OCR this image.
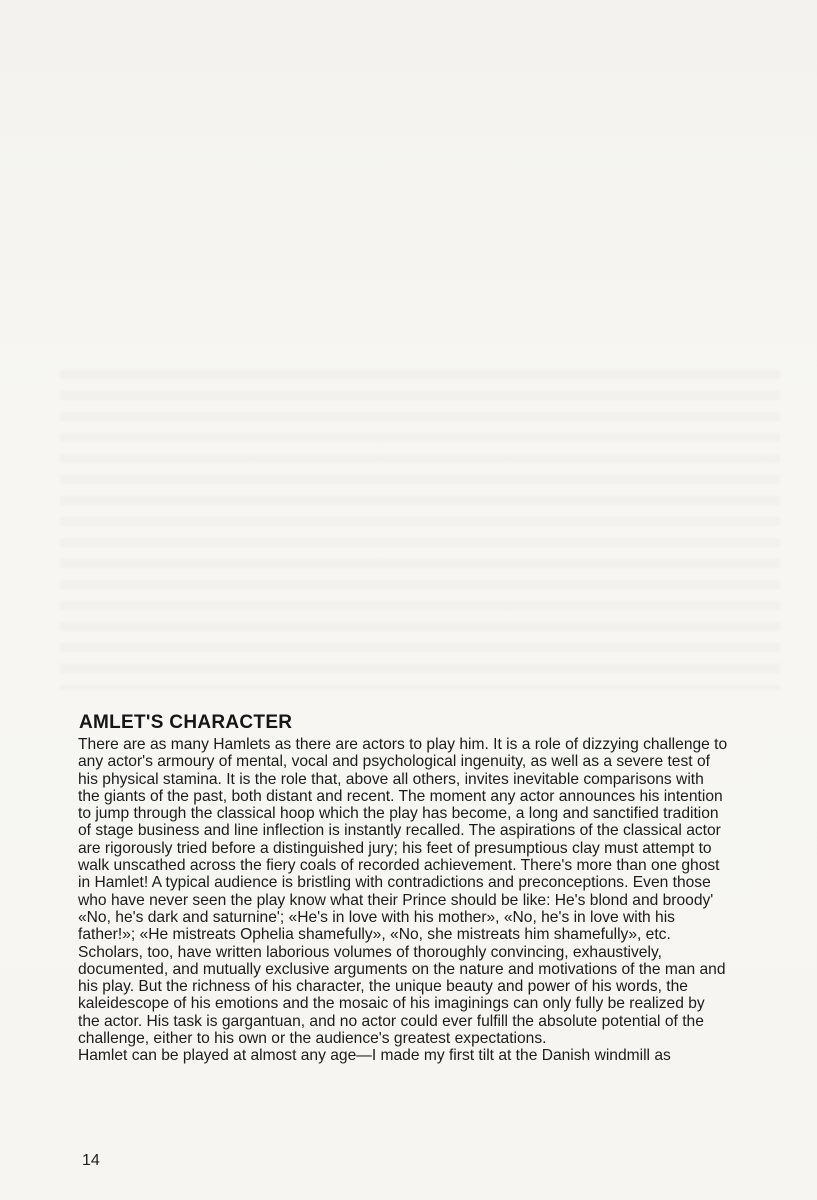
AMLET'S CHARACTER

There are as many Hamlets as there are actors to play him. It is a role of dizzying challenge to any actor's armoury of mental, vocal and psychological ingenuity, as well as a severe test of his physical stamina. It is the role that, above all others, invites inevitable comparisons with the giants of the past, both distant and recent. The moment any actor announces his intention to jump through the classical hoop which the play has become, a long and sanctified tradition of stage business and line inflection is instantly recalled. The aspirations of the classical actor are rigorously tried before a distinguished jury; his feet of presumptious clay must attempt to walk unscathed across the fiery coals of recorded achievement. There's more than one ghost in Hamlet! A typical audience is bristling with contradictions and preconceptions. Even those who have never seen the play know what their Prince should be like: He's blond and broody' «No, he's dark and saturnine'; «He's in love with his mother», «No, he's in love with his father!»; «He mistreats Ophelia shamefully», «No, she mistreats him shamefully», etc. Scholars, too, have written laborious volumes of thoroughly convincing, exhaustively, documented, and mutually exclusive arguments on the nature and motivations of the man and his play. But the richness of his character, the unique beauty and power of his words, the kaleidescope of his emotions and the mosaic of his imaginings can only fully be realized by the actor. His task is gargantuan, and no actor could ever fulfill the absolute potential of the challenge, either to his own or the audience's greatest expectations.

Hamlet can be played at almost any age—I made my first tilt at the Danish windmill as

14
